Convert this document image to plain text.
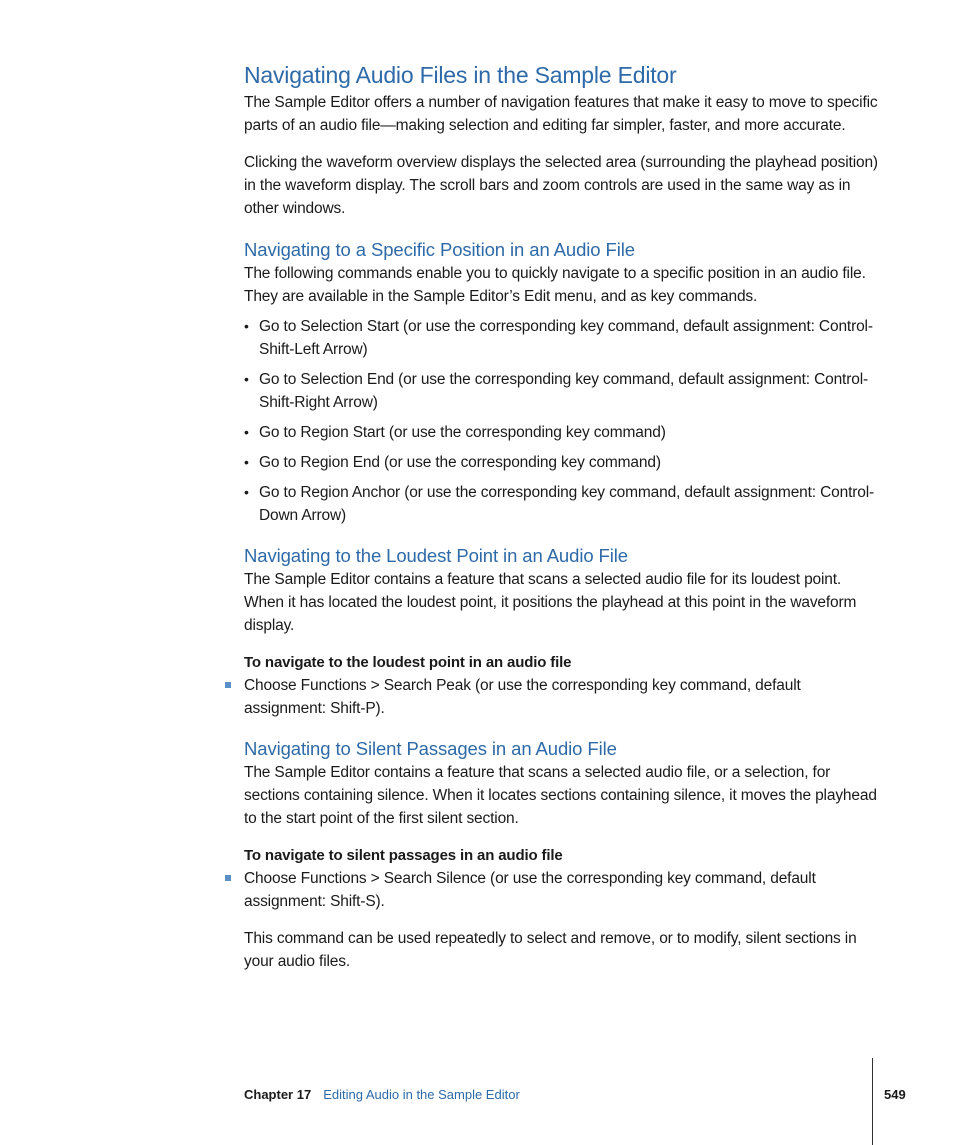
Navigating Audio Files in the Sample Editor

The Sample Editor offers a number of navigation features that make it easy to move to specific parts of an audio file—making selection and editing far simpler, faster, and more accurate.

Clicking the waveform overview displays the selected area (surrounding the playhead position) in the waveform display. The scroll bars and zoom controls are used in the same way as in other windows.

Navigating to a Specific Position in an Audio File

The following commands enable you to quickly navigate to a specific position in an audio file. They are available in the Sample Editor’s Edit menu, and as key commands.

• Go to Selection Start (or use the corresponding key command, default assignment: Control-Shift-Left Arrow)
• Go to Selection End (or use the corresponding key command, default assignment: Control-Shift-Right Arrow)
• Go to Region Start (or use the corresponding key command)
• Go to Region End (or use the corresponding key command)
• Go to Region Anchor (or use the corresponding key command, default assignment: Control-Down Arrow)
Navigating to the Loudest Point in an Audio File

The Sample Editor contains a feature that scans a selected audio file for its loudest point. When it has located the loudest point, it positions the playhead at this point in the waveform display.

To navigate to the loudest point in an audio file

Choose Functions > Search Peak (or use the corresponding key command, default assignment: Shift-P).
Navigating to Silent Passages in an Audio File

The Sample Editor contains a feature that scans a selected audio file, or a selection, for sections containing silence. When it locates sections containing silence, it moves the playhead to the start point of the first silent section.

To navigate to silent passages in an audio file

Choose Functions > Search Silence (or use the corresponding key command, default assignment: Shift-S).

This command can be used repeatedly to select and remove, or to modify, silent sections in your audio files.

Chapter 17 Editing Audio in the Sample Editor	549
